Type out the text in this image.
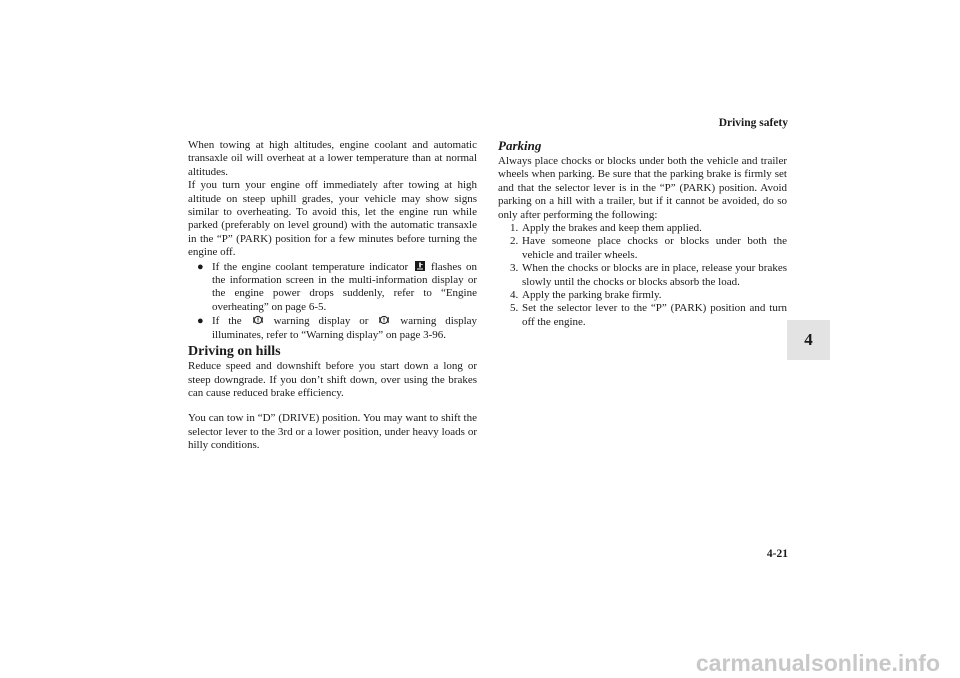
Driving safety
4

When towing at high altitudes, engine coolant and automatic transaxle oil will overheat at a lower temperature than at normal altitudes.

If you turn your engine off immediately after towing at high altitude on steep uphill grades, your vehicle may show signs similar to overheating. To avoid this, let the engine run while parked (preferably on level ground) with the automatic transaxle in the “P” (PARK) position for a few minutes before turning the engine off.

● If the engine coolant temperature indicator flashes on the information screen in the multi-information display or the engine power drops suddenly, refer to “Engine overheating” on page 6-5.
● If the	warning display or	warning display illuminates, refer to “Warning display” on page 3-96.
Driving on hills

Reduce speed and downshift before you start down a long or steep downgrade. If you don’t shift down, over using the brakes can cause reduced brake efficiency.

You can tow in “D” (DRIVE) position. You may want to shift the selector lever to the 3rd or a lower position, under heavy loads or hilly conditions.

Parking

Always place chocks or blocks under both the vehicle and trailer wheels when parking. Be sure that the parking brake is firmly set and that the selector lever is in the “P” (PARK) position. Avoid parking on a hill with a trailer, but if it cannot be avoided, do so only after performing the following:

1. Apply the brakes and keep them applied.
2. Have someone place chocks or blocks under both the vehicle and trailer wheels.
3. When the chocks or blocks are in place, release your brakes slowly until the chocks or blocks absorb the load.
4. Apply the parking brake firmly.
5. Set the selector lever to the “P” (PARK) position and turn off the engine.
4-21
carmanualsonline.info
